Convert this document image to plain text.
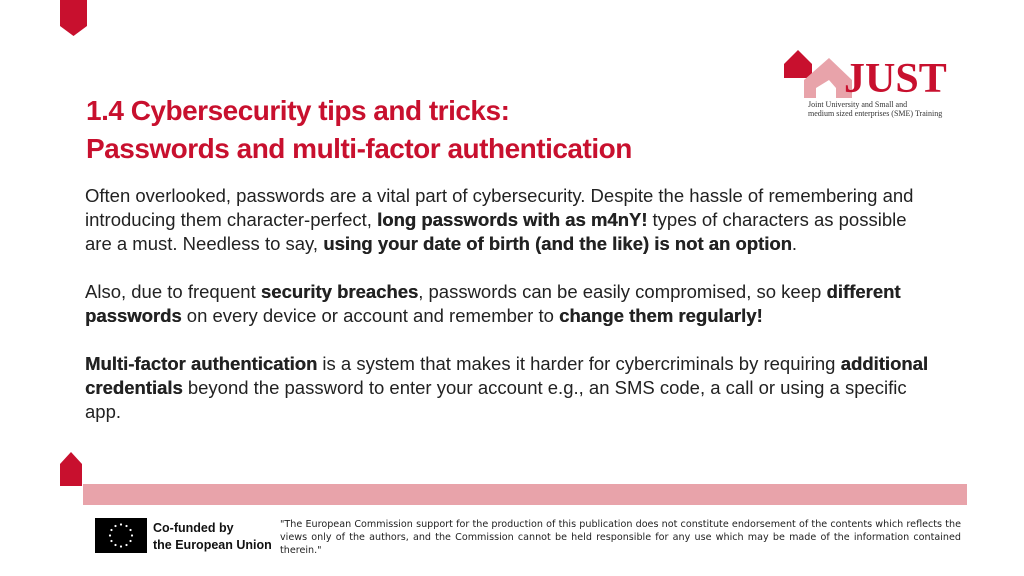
JUST
Joint University and Small and
medium sized enterprises (SME) Training
1.4 Cybersecurity tips and tricks:
Passwords and multi-factor authentication

Often overlooked, passwords are a vital part of cybersecurity. Despite the hassle of remembering and introducing them character-perfect, long passwords with as m4nY! types of characters as possible are a must. Needless to say, using your date of birth (and the like) is not an option.

Also, due to frequent security breaches, passwords can be easily compromised, so keep different passwords on every device or account and remember to change them regularly!

Multi-factor authentication is a system that makes it harder for cybercriminals by requiring additional credentials beyond the password to enter your account e.g., an SMS code, a call or using a specific app.

Co-funded by
the European Union
"The European Commission support for the production of this publication does not constitute endorsement of the contents which reflects the views only of the authors, and the Commission cannot be held responsible for any use which may be made of the information contained therein."
